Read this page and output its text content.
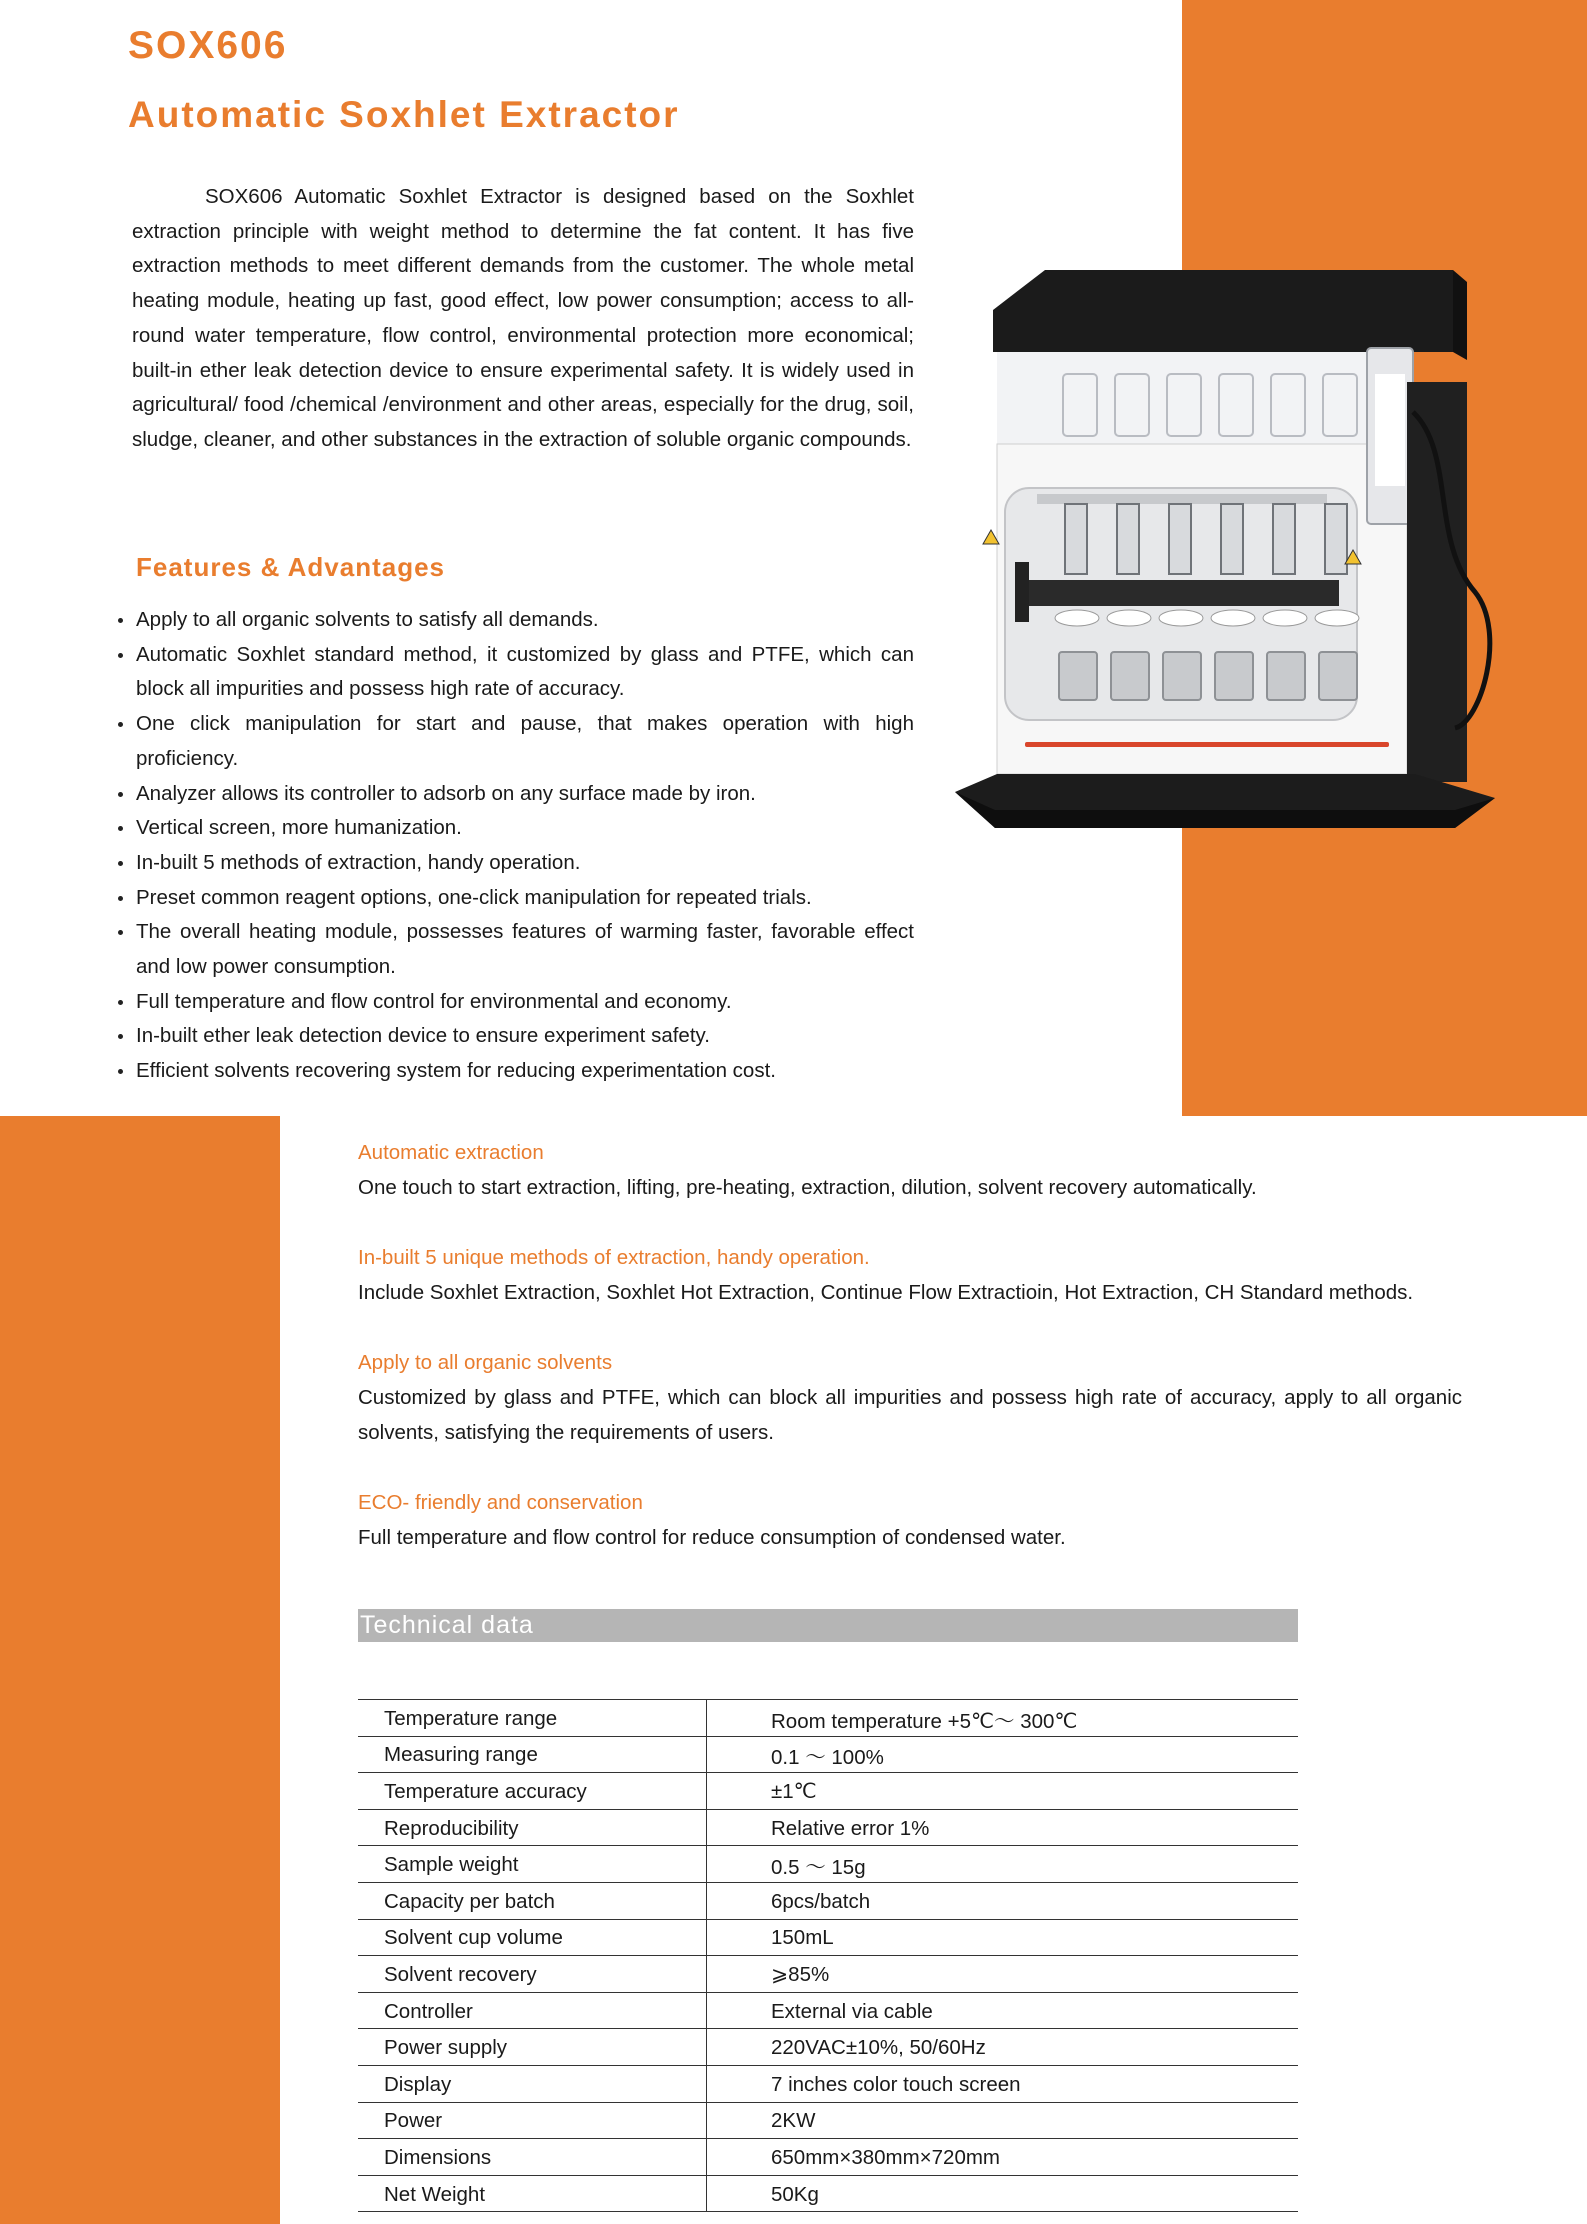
SOX606
Automatic Soxhlet Extractor

SOX606 Automatic Soxhlet Extractor is designed based on the Soxhlet extraction principle with weight method to determine the fat content. It has five extraction methods to meet different demands from the customer. The whole metal heating module, heating up fast, good effect, low power consumption; access to all-round water temperature, flow control, environmental protection more economical; built-in ether leak detection device to ensure experimental safety. It is widely used in agricultural/ food /chemical /environment and other areas, especially for the drug, soil, sludge, cleaner, and other substances in the extraction of soluble organic compounds.

Features & Advantages
Apply to all organic solvents to satisfy all demands.
Automatic Soxhlet standard method, it customized by glass and PTFE, which can block all impurities and possess high rate of accuracy.
One click manipulation for start and pause, that makes operation with high proficiency.
Analyzer allows its controller to adsorb on any surface made by iron.
Vertical screen, more humanization.
In-built 5 methods of extraction, handy operation.
Preset common reagent options, one-click manipulation for repeated trials.
The overall heating module, possesses features of warming faster, favorable effect and low power consumption.
Full temperature and flow control for environmental and economy.
In-built ether leak detection device to ensure experiment safety.
Efficient solvents recovering system for reducing experimentation cost.
Automatic extraction
One touch to start extraction, lifting, pre-heating, extraction, dilution, solvent recovery automatically.
In-built 5 unique methods of extraction, handy operation.
Include Soxhlet Extraction, Soxhlet Hot Extraction, Continue Flow Extractioin, Hot Extraction, CH Standard methods.
Apply to all organic solvents
Customized by glass and PTFE, which can block all impurities and possess high rate of accuracy, apply to all organic solvents, satisfying the requirements of users.
ECO- friendly and conservation
Full temperature and flow control for reduce consumption of condensed water.
Technical data
Temperature range	Room temperature +5℃～ 300℃
Measuring range	0.1 ～ 100%
Temperature accuracy	±1℃
Reproducibility	Relative error 1%
Sample weight	0.5 ～ 15g
Capacity per batch	6pcs/batch
Solvent cup volume	150mL
Solvent recovery	⩾85%
Controller	External via cable
Power supply	220VAC±10%, 50/60Hz
Display	7 inches color touch screen
Power	2KW
Dimensions	650mm×380mm×720mm
Net Weight	50Kg
